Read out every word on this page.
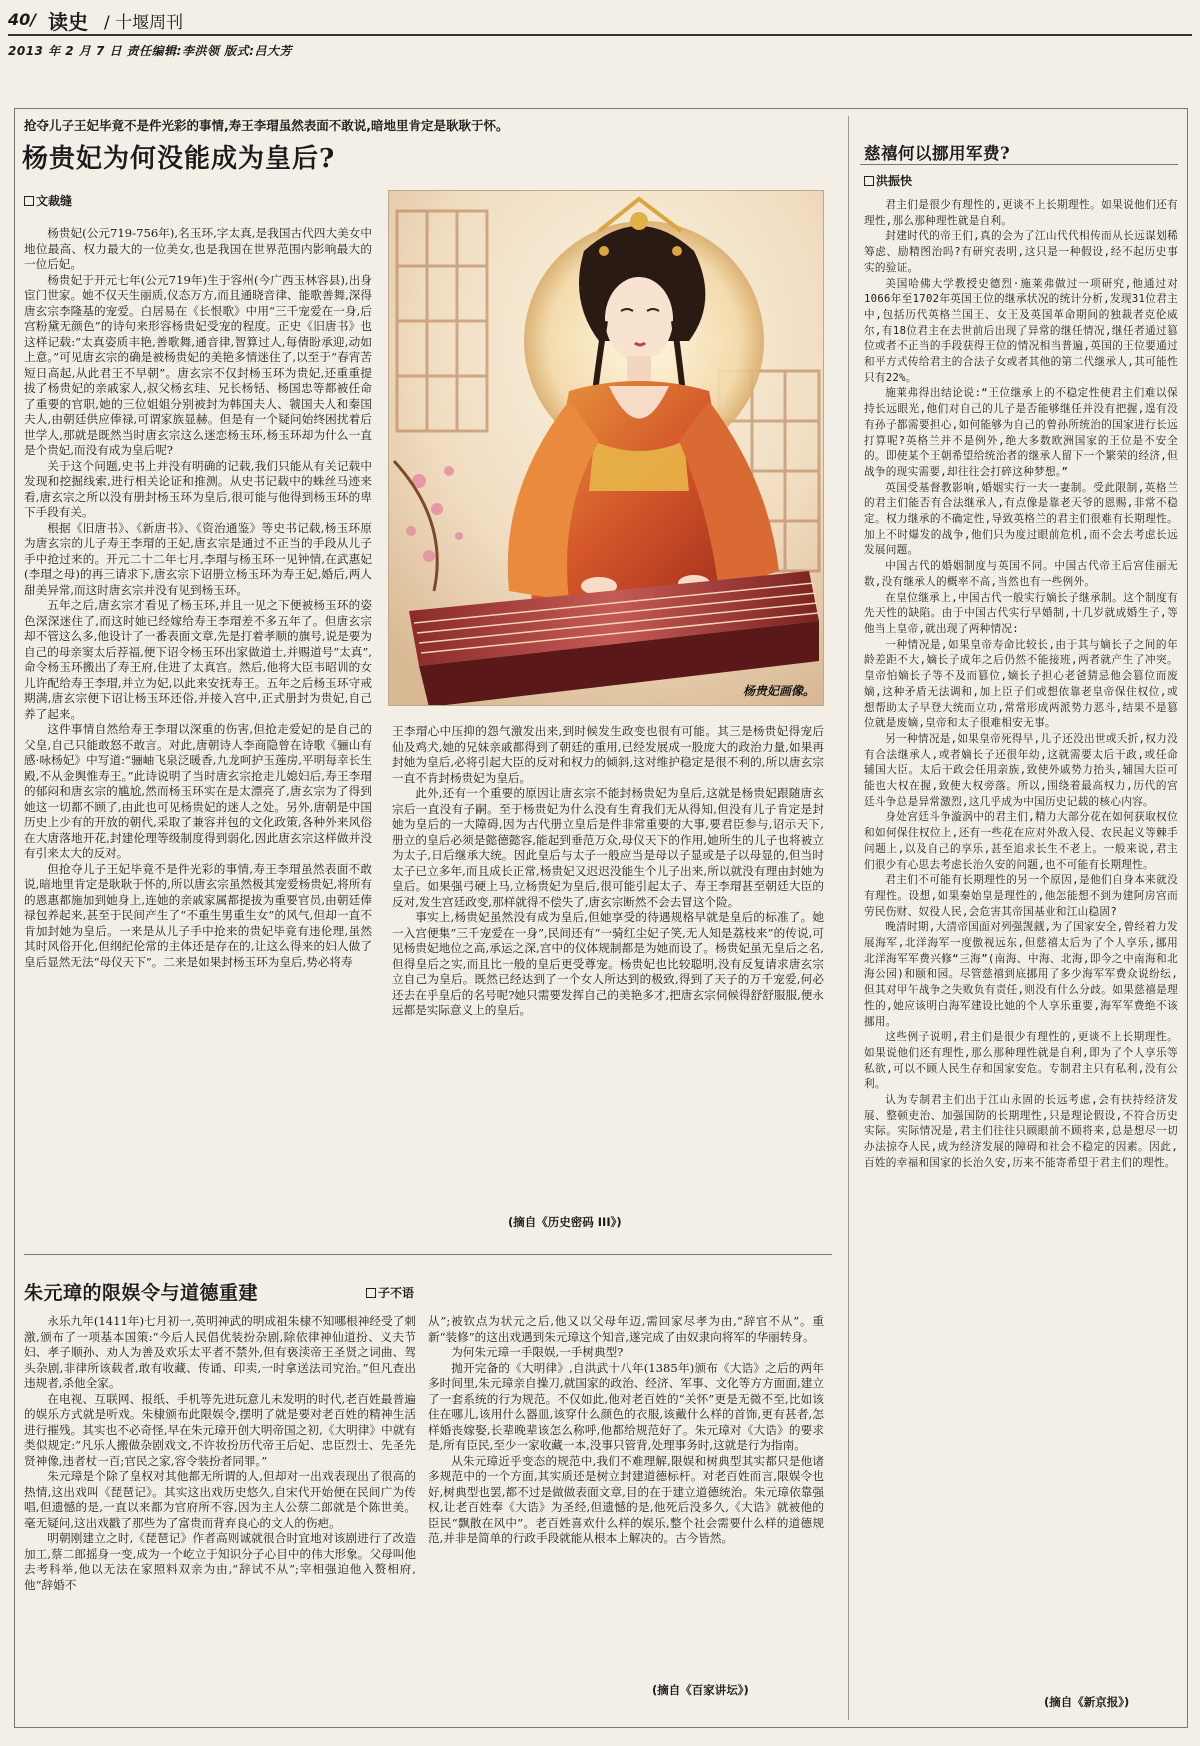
40/ 读史 / 十堰周刊
2013 年 2 月 7 日 责任编辑:李洪领 版式:吕大芳
抢夺儿子王妃毕竟不是件光彩的事情,寿王李瑁虽然表面不敢说,暗地里肯定是耿耿于怀。
杨贵妃为何没能成为皇后?
文裁缝

杨贵妃(公元719-756年),名玉环,字太真,是我国古代四大美女中地位最高、权力最大的一位美女,也是我国在世界范围内影响最大的一位后妃。

杨贵妃于开元七年(公元719年)生于容州(今广西玉林容县),出身宦门世家。她不仅天生丽质,仪态万方,而且通晓音律、能歌善舞,深得唐玄宗李隆基的宠爱。白居易在《长恨歌》中用“三千宠爱在一身,后宫粉黛无颜色”的诗句来形容杨贵妃受宠的程度。正史《旧唐书》也这样记载:“太真姿质丰艳,善歌舞,通音律,智算过人,每倩盼承迎,动如上意。”可见唐玄宗的确是被杨贵妃的美艳多情迷住了,以至于“春宵苦短日高起,从此君王不早朝”。唐玄宗不仅封杨玉环为贵妃,还重重提拔了杨贵妃的亲戚家人,叔父杨玄珪、兄长杨铦、杨国忠等都被任命了重要的官职,她的三位姐姐分别被封为韩国夫人、虢国夫人和秦国夫人,由朝廷供应俸禄,可谓家族显赫。但是有一个疑问始终困扰着后世学人,那就是既然当时唐玄宗这么迷恋杨玉环,杨玉环却为什么一直是个贵妃,而没有成为皇后呢?

关于这个问题,史书上并没有明确的记载,我们只能从有关记载中发现和挖掘线索,进行相关论证和推测。从史书记载中的蛛丝马迹来看,唐玄宗之所以没有册封杨玉环为皇后,很可能与他得到杨玉环的卑下手段有关。

根据《旧唐书》、《新唐书》、《资治通鉴》等史书记载,杨玉环原为唐玄宗的儿子寿王李瑁的王妃,唐玄宗是通过不正当的手段从儿子手中抢过来的。开元二十二年七月,李瑁与杨玉环一见钟情,在武惠妃(李瑁之母)的再三请求下,唐玄宗下诏册立杨玉环为寿王妃,婚后,两人甜美异常,而这时唐玄宗并没有见到杨玉环。

五年之后,唐玄宗才看见了杨玉环,并且一见之下便被杨玉环的姿色深深迷住了,而这时她已经嫁给寿王李瑁差不多五年了。但唐玄宗却不管这么多,他设计了一番表面文章,先是打着孝顺的旗号,说是要为自己的母亲窦太后荐福,便下诏令杨玉环出家做道士,并赐道号“太真”,命令杨玉环搬出了寿王府,住进了太真宫。然后,他将大臣韦昭训的女儿许配给寿王李瑁,并立为妃,以此来安抚寿王。五年之后杨玉环守戒期满,唐玄宗便下诏让杨玉环还俗,并接入宫中,正式册封为贵妃,自己养了起来。

这件事情自然给寿王李瑁以深重的伤害,但抢走爱妃的是自己的父皇,自己只能敢怒不敢言。对此,唐朝诗人李商隐曾在诗歌《骊山有感·咏杨妃》中写道:“骊岫飞泉泛暖香,九龙呵护玉莲房,平明每幸长生殿,不从金舆惟寿王。”此诗说明了当时唐玄宗抢走儿媳妇后,寿王李瑁的郁闷和唐玄宗的尴尬,然而杨玉环实在是太漂亮了,唐玄宗为了得到她这一切都不顾了,由此也可见杨贵妃的迷人之处。另外,唐朝是中国历史上少有的开放的朝代,采取了兼容并包的文化政策,各种外来风俗在大唐落地开花,封建伦理等级制度得到弱化,因此唐玄宗这样做并没有引来太大的反对。

但抢夺儿子王妃毕竟不是件光彩的事情,寿王李瑁虽然表面不敢说,暗地里肯定是耿耿于怀的,所以唐玄宗虽然极其宠爱杨贵妃,将所有的恩惠都施加到她身上,连她的亲戚家属都提拔为重要官员,由朝廷俸禄包养起来,甚至于民间产生了“不重生男重生女”的风气,但却一直不肯加封她为皇后。一来是从儿子手中抢来的贵妃毕竟有违伦理,虽然其时风俗开化,但纲纪伦常的主体还是存在的,让这么得来的妇人做了皇后显然无法“母仪天下”。二来是如果封杨玉环为皇后,势必将寿

杨贵妃画像。

王李瑁心中压抑的怨气激发出来,到时候发生政变也很有可能。其三是杨贵妃得宠后仙及鸡犬,她的兄妹亲戚都得到了朝廷的重用,已经发展成一股庞大的政治力量,如果再封她为皇后,必将引起大臣的反对和权力的倾斜,这对维护稳定是很不利的,所以唐玄宗一直不肯封杨贵妃为皇后。

此外,还有一个重要的原因让唐玄宗不能封杨贵妃为皇后,这就是杨贵妃跟随唐玄宗后一直没有子嗣。至于杨贵妃为什么没有生育我们无从得知,但没有儿子肯定是封她为皇后的一大障碍,因为古代册立皇后是件非常重要的大事,要君臣参与,诏示天下,册立的皇后必须是懿德懿容,能起到垂范万众,母仪天下的作用,她所生的儿子也将被立为太子,日后继承大统。因此皇后与太子一般应当是母以子显或是子以母显的,但当时太子已立多年,而且成长正常,杨贵妃又迟迟没能生个儿子出来,所以就没有理由封她为皇后。如果强弓硬上马,立杨贵妃为皇后,很可能引起太子、寿王李瑁甚至朝廷大臣的反对,发生宫廷政变,那样就得不偿失了,唐玄宗断然不会去冒这个险。

事实上,杨贵妃虽然没有成为皇后,但她享受的待遇规格早就是皇后的标准了。她一入宫便集“三千宠爱在一身”,民间还有“一骑红尘妃子笑,无人知是荔枝来”的传说,可见杨贵妃地位之高,承运之深,宫中的仪体规制都是为她而设了。杨贵妃虽无皇后之名,但得皇后之实,而且比一般的皇后更受尊宠。杨贵妃也比较聪明,没有反复请求唐玄宗立自己为皇后。既然已经达到了一个女人所达到的极致,得到了天子的万千宠爱,何必还去在乎皇后的名号呢?她只需要发挥自己的美艳多才,把唐玄宗伺候得舒舒服服,便永远都是实际意义上的皇后。

(摘自《历史密码 III》)
朱元璋的限娱令与道德重建	子不语

永乐九年(1411年)七月初一,英明神武的明成祖朱棣不知哪根神经受了刺激,颁布了一项基本国策:“今后人民倡优装扮杂剧,除依律神仙道扮、义夫节妇、孝子顺孙、劝人为善及欢乐太平者不禁外,但有亵渎帝王圣贤之词曲、驾头杂剧,非律所该载者,敢有收藏、传诵、印卖,一时拿送法司究治。”但凡查出违规者,杀他全家。

在电视、互联网、报纸、手机等先进玩意儿未发明的时代,老百姓最普遍的娱乐方式就是听戏。朱棣颁布此限娱令,摆明了就是要对老百姓的精神生活进行摧残。其实也不必奇怪,早在朱元璋开创大明帝国之初,《大明律》中就有类似规定:“凡乐人搬做杂剧戏文,不许妆扮历代帝王后妃、忠臣烈士、先圣先贤神像,违者杖一百;官民之家,容令装扮者同罪。”

朱元璋是个除了皇权对其他都无所谓的人,但却对一出戏表现出了很高的热情,这出戏叫《琵琶记》。其实这出戏历史悠久,自宋代开始便在民间广为传唱,但遗憾的是,一直以来都为官府所不容,因为主人公蔡二郎就是个陈世美。毫无疑问,这出戏戳了那些为了富贵而背弃良心的文人的伤疤。

明朝刚建立之时,《琵琶记》作者高则诚就很合时宜地对该剧进行了改造加工,蔡二郎摇身一变,成为一个屹立于知识分子心目中的伟大形象。父母叫他去考科举,他以无法在家照料双亲为由,“辞试不从”;宰相强迫他入赘相府,他“辞婚不

从”;被钦点为状元之后,他又以父母年迈,需回家尽孝为由,“辞官不从”。重新“装修”的这出戏遇到朱元璋这个知音,遂完成了由奴隶向将军的华丽转身。

为何朱元璋一手限娱,一手树典型?

抛开完备的《大明律》,自洪武十八年(1385年)颁布《大诰》之后的两年多时间里,朱元璋亲自操刀,就国家的政治、经济、军事、文化等方方面面,建立了一套系统的行为规范。不仅如此,他对老百姓的“关怀”更是无微不至,比如该住在哪儿,该用什么器皿,该穿什么颜色的衣服,该戴什么样的首饰,更有甚者,怎样婚丧嫁娶,长辈晚辈该怎么称呼,他都给规范好了。朱元璋对《大诰》的要求是,所有臣民,至少一家收藏一本,没事只管背,处理事务时,这就是行为指南。

从朱元璋近乎变态的规范中,我们不难理解,限娱和树典型其实都只是他诸多规范中的一个方面,其实质还是树立封建道德标杆。对老百姓而言,限娱令也好,树典型也罢,都不过是做做表面文章,目的在于建立道德统治。朱元璋依靠强权,让老百姓奉《大诰》为圣经,但遗憾的是,他死后没多久,《大诰》就被他的臣民“飘散在风中”。老百姓喜欢什么样的娱乐,整个社会需要什么样的道德规范,并非是简单的行政手段就能从根本上解决的。古今皆然。

(摘自《百家讲坛》)
慈禧何以挪用军费?
洪振快

君主们是很少有理性的,更谈不上长期理性。如果说他们还有理性,那么那种理性就是自利。

封建时代的帝王们,真的会为了江山代代相传而从长远谋划稀筹虑、励精图治吗?有研究表明,这只是一种假设,经不起历史事实的验证。

美国哈佛大学教授史德烈·施莱弗做过一项研究,他通过对1066年至1702年英国王位的继承状况的统计分析,发现31位君主中,包括历代英格兰国王、女王及英国革命期间的独裁者克伦威尔,有18位君主在去世前后出现了异常的继任情况,继任者通过篡位或者不正当的手段获得王位的情况相当普遍,英国的王位要通过和平方式传给君主的合法子女或者其他的第二代继承人,其可能性只有22%。

施莱弗得出结论说:“王位继承上的不稳定性使君主们难以保持长远眼光,他们对自己的儿子是否能够继任并没有把握,遑有没有孙子都需要担心,如何能够为自己的曾孙所统治的国家进行长远打算呢?英格兰并不是例外,绝大多数欧洲国家的王位是不安全的。即使某个王朝希望给统治者的继承人留下一个繁荣的经济,但战争的现实需要,却往往会打碎这种梦想。”

英国受基督教影响,婚姻实行一夫一妻制。受此限制,英格兰的君主们能否有合法继承人,有点像是靠老天爷的恩赐,非常不稳定。权力继承的不确定性,导致英格兰的君主们很难有长期理性。加上不时爆发的战争,他们只为度过眼前危机,而不会去考虑长远发展问题。

中国古代的婚姻制度与英国不同。中国古代帝王后宫佳丽无数,没有继承人的概率不高,当然也有一些例外。

在皇位继承上,中国古代一般实行嫡长子继承制。这个制度有先天性的缺陷。由于中国古代实行早婚制,十几岁就成婚生子,等他当上皇帝,就出现了两种情况:

一种情况是,如果皇帝寿命比较长,由于其与嫡长子之间的年龄差距不大,嫡长子成年之后仍然不能接班,两者就产生了冲突。皇帝怕嫡长子等不及而篡位,嫡长子担心老爸猜忌他会篡位而废嫡,这种矛盾无法调和,加上臣子们或想依靠老皇帝保住权位,或想帮助太子早登大统而立功,常常形成两派势力恶斗,结果不是篡位就是废嫡,皇帝和太子很难相安无事。

另一种情况是,如果皇帝死得早,儿子还没出世或夭折,权力没有合法继承人,或者嫡长子还很年幼,这就需要太后干政,或任命辅国大臣。太后干政会任用亲族,致使外戚势力抬头,辅国大臣可能也大权在握,致使大权旁落。所以,围绕着最高权力,历代的宫廷斗争总是异常激烈,这几乎成为中国历史记载的核心内容。

身处宫廷斗争漩涡中的君主们,精力大部分花在如何获取权位和如何保住权位上,还有一些花在应对外敌入侵、农民起义等棘手问题上,以及自己的享乐,甚至追求长生不老上。一般来说,君主们很少有心思去考虑长治久安的问题,也不可能有长期理性。

君主们不可能有长期理性的另一个原因,是他们自身本来就没有理性。设想,如果秦始皇是理性的,他怎能想不到为建阿房宫而劳民伤财、奴役人民,会危害其帝国基业和江山稳固?

晚清时期,大清帝国面对列强觊觎,为了国家安全,曾经着力发展海军,北洋海军一度傲视远东,但慈禧太后为了个人享乐,挪用北洋海军军费兴修“三海”(南海、中海、北海,即今之中南海和北海公园)和颐和园。尽管慈禧到底挪用了多少海军军费众说纷纭,但其对甲午战争之失败负有责任,则没有什么分歧。如果慈禧是理性的,她应该明白海军建设比她的个人享乐重要,海军军费绝不该挪用。

这些例子说明,君主们是很少有理性的,更谈不上长期理性。如果说他们还有理性,那么那种理性就是自利,即为了个人享乐等私欲,可以不顾人民生存和国家安危。专制君主只有私利,没有公利。

认为专制君主们出于江山永固的长远考虑,会有扶持经济发展、整顿吏治、加强国防的长期理性,只是理论假设,不符合历史实际。实际情况是,君主们往往只顾眼前不顾将来,总是想尽一切办法掠夺人民,成为经济发展的障碍和社会不稳定的因素。因此,百姓的幸福和国家的长治久安,历来不能寄希望于君主们的理性。

(摘自《新京报》)
